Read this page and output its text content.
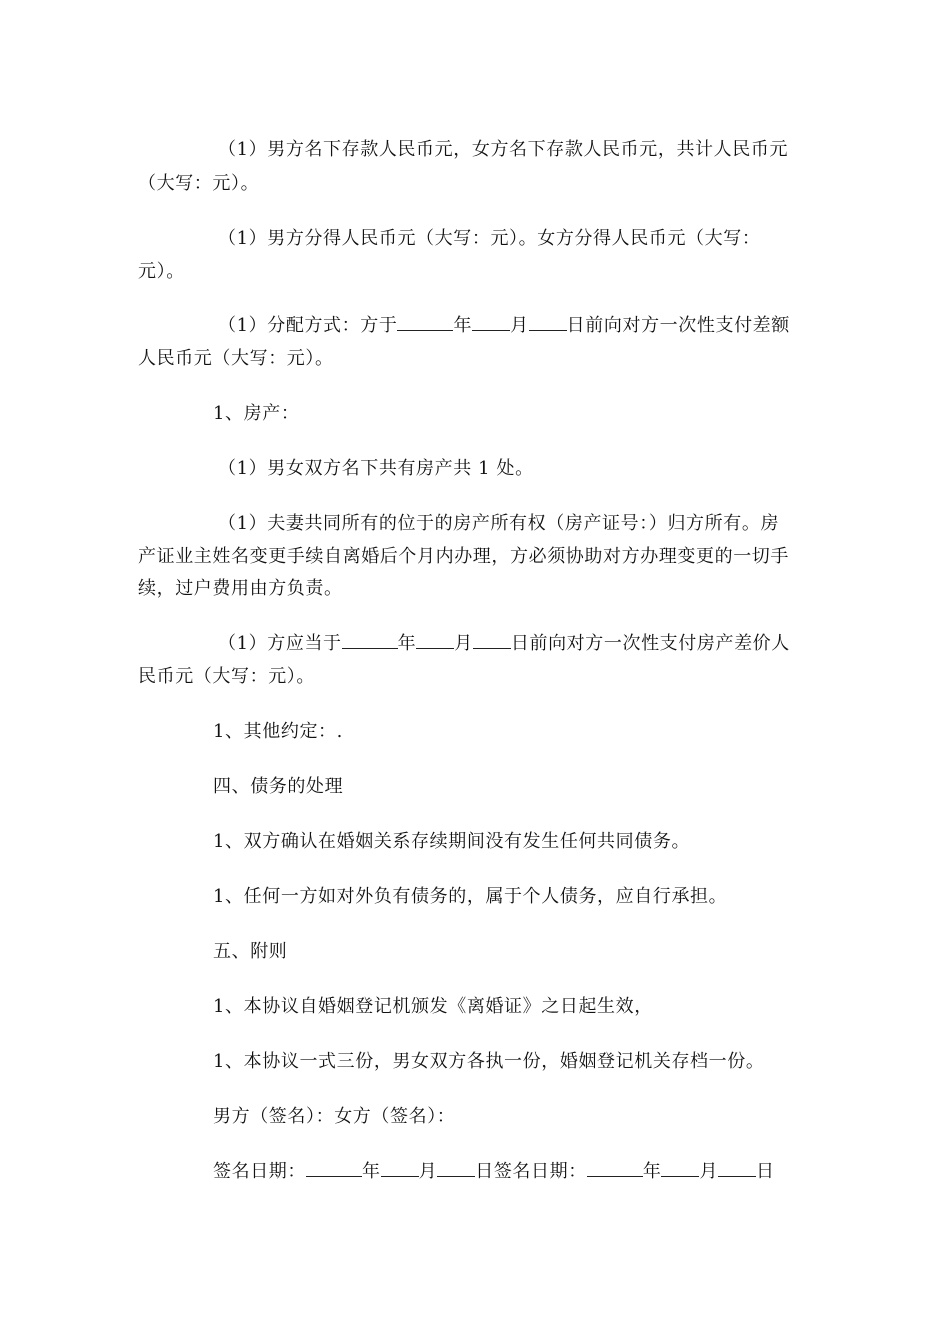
（1）男方名下存款人民币元，女方名下存款人民币元，共计人民币元
（大写：元）。
（1）男方分得人民币元（大写：元）。女方分得人民币元（大写：
元）。
（1）分配方式：方于	年 月 日前向对方一次性支付差额
人民币元（大写：元）。
1、房产：
（1）男女双方名下共有房产共 1 处。
（1）夫妻共同所有的位于的房产所有权（房产证号：）归方所有。房
产证业主姓名变更手续自离婚后个月内办理，方必须协助对方办理变更的一切手
续，过户费用由方负责。
（1）方应当于	年 月 日前向对方一次性支付房产差价人
民币元（大写：元）。
1、其他约定：.
四、债务的处理
1、双方确认在婚姻关系存续期间没有发生任何共同债务。
1、任何一方如对外负有债务的，属于个人债务，应自行承担。
五、附则
1、本协议自婚姻登记机颁发《离婚证》之日起生效，
1、本协议一式三份，男女双方各执一份，婚姻登记机关存档一份。
男方（签名）：女方（签名）：
签名日期：	年 月 日签名日期：	年 月 日
